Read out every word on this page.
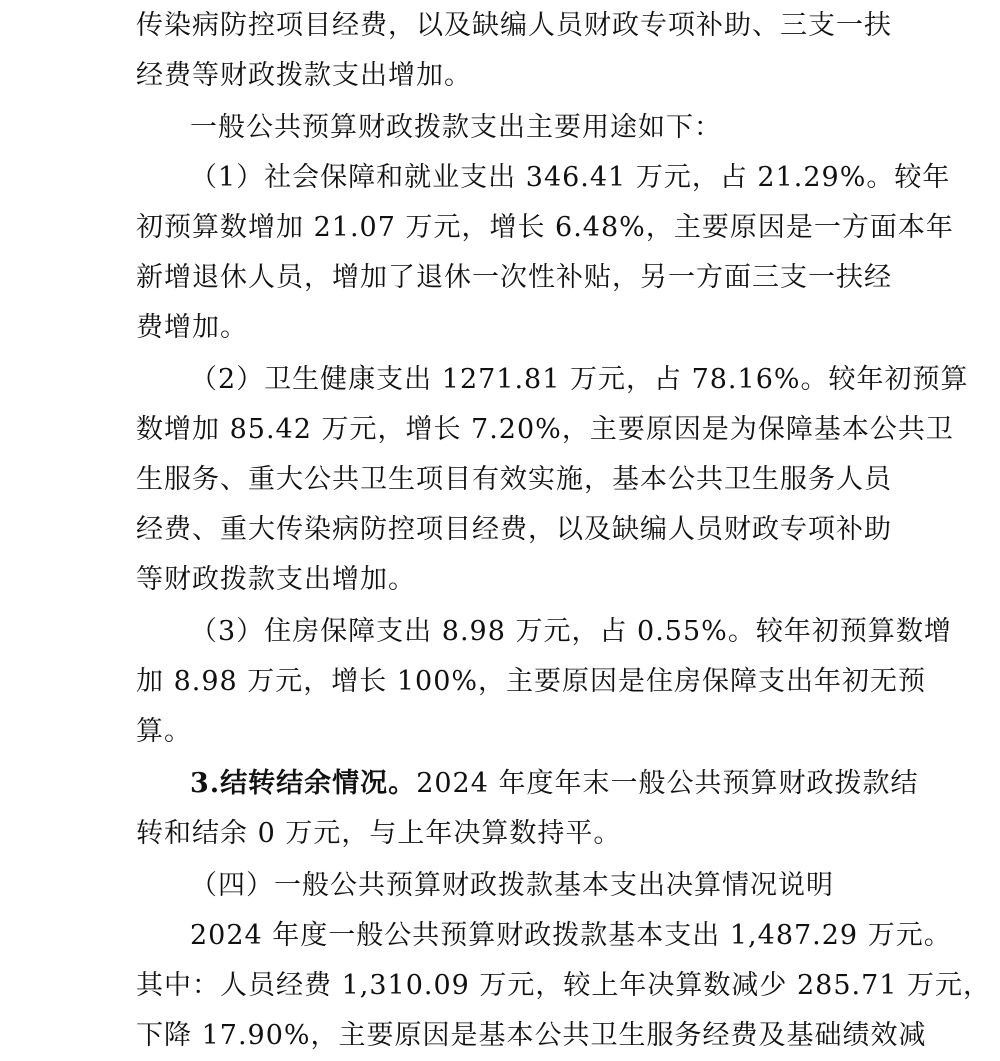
传染病防控项目经费，以及缺编人员财政专项补助、三支一扶
经费等财政拨款支出增加。
一般公共预算财政拨款支出主要用途如下：
（1）社会保障和就业支出 346.41 万元，占 21.29%。较年
初预算数增加 21.07 万元，增长 6.48%，主要原因是一方面本年
新增退休人员，增加了退休一次性补贴，另一方面三支一扶经
费增加。
（2）卫生健康支出 1271.81 万元，占 78.16%。较年初预算
数增加 85.42 万元，增长 7.20%，主要原因是为保障基本公共卫
生服务、重大公共卫生项目有效实施，基本公共卫生服务人员
经费、重大传染病防控项目经费，以及缺编人员财政专项补助
等财政拨款支出增加。
（3）住房保障支出 8.98 万元，占 0.55%。较年初预算数增
加 8.98 万元，增长 100%，主要原因是住房保障支出年初无预
算。
3.结转结余情况。2024 年度年末一般公共预算财政拨款结
转和结余 0 万元，与上年决算数持平。
（四）一般公共预算财政拨款基本支出决算情况说明
2024 年度一般公共预算财政拨款基本支出 1,487.29 万元。
其中：人员经费 1,310.09 万元，较上年决算数减少 285.71 万元，
下降 17.90%，主要原因是基本公共卫生服务经费及基础绩效减
